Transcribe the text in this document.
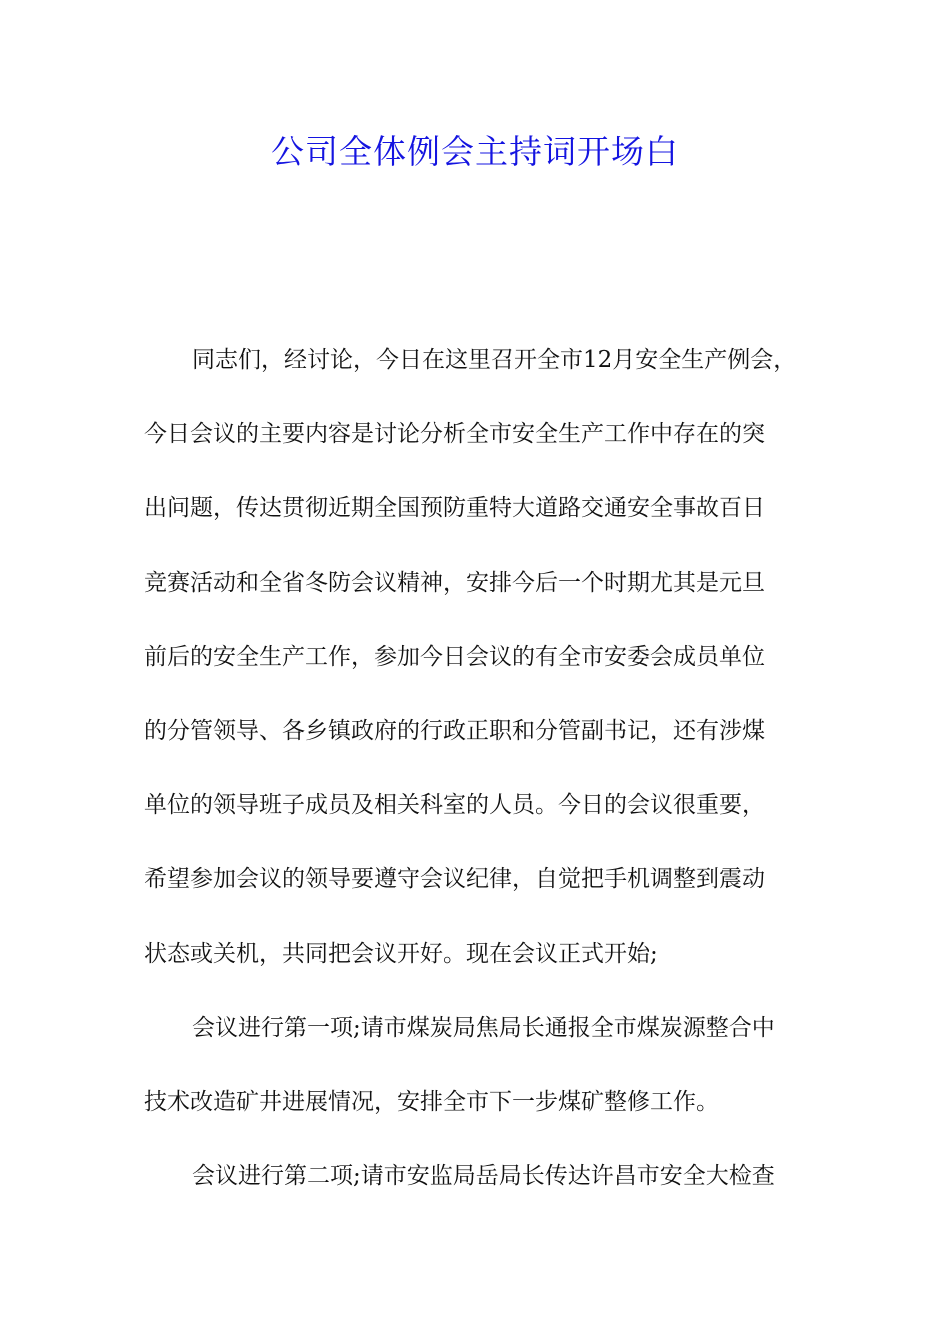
公司全体例会主持词开场白
同志们，经讨论，今日在这里召开全市12月安全生产例会，
今日会议的主要内容是讨论分析全市安全生产工作中存在的突
出问题，传达贯彻近期全国预防重特大道路交通安全事故百日
竞赛活动和全省冬防会议精神，安排今后一个时期尤其是元旦
前后的安全生产工作，参加今日会议的有全市安委会成员单位
的分管领导、各乡镇政府的行政正职和分管副书记，还有涉煤
单位的领导班子成员及相关科室的人员。今日的会议很重要，
希望参加会议的领导要遵守会议纪律，自觉把手机调整到震动
状态或关机，共同把会议开好。现在会议正式开始;
会议进行第一项;请市煤炭局焦局长通报全市煤炭源整合中
技术改造矿井进展情况，安排全市下一步煤矿整修工作。
会议进行第二项;请市安监局岳局长传达许昌市安全大检查
